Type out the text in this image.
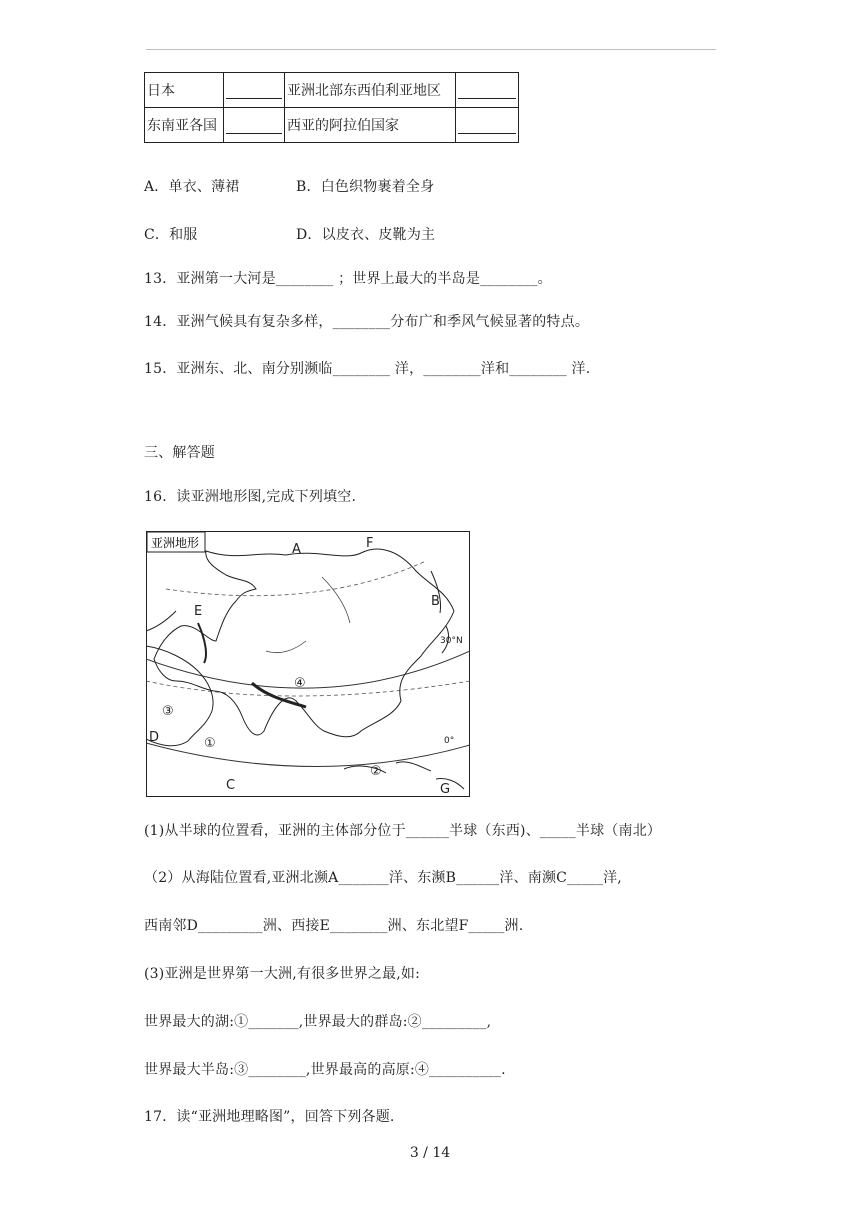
日本		亚洲北部东西伯利亚地区	
东南亚各国		西亚的阿拉伯国家	
A．单衣、薄裙	B．白色织物裹着全身
C．和服	D．以皮衣、皮靴为主
13．亚洲第一大河是________ ；世界上最大的半岛是________。
14．亚洲气候具有复杂多样，________分布广和季风气候显著的特点。
15．亚洲东、北、南分别濒临________ 洋，________洋和________ 洋.
三、解答题
16．读亚洲地形图,完成下列填空.
亚洲地形	A
B
C
D
E
F
G
④
③
①
②
30°N
0°
(1)从半球的位置看，亚洲的主体部分位于______半球（东西)、_____半球（南北）
（2）从海陆位置看,亚洲北濒A_______洋、东濒B______洋、南濒C_____洋,
西南邻D_________洲、西接E________洲、东北望F_____洲.
(3)亚洲是世界第一大洲,有很多世界之最,如:
世界最大的湖:①_______,世界最大的群岛:②_________,
世界最大半岛:③________,世界最高的高原:④__________.
17．读“亚洲地理略图”，回答下列各题.
3 / 14
